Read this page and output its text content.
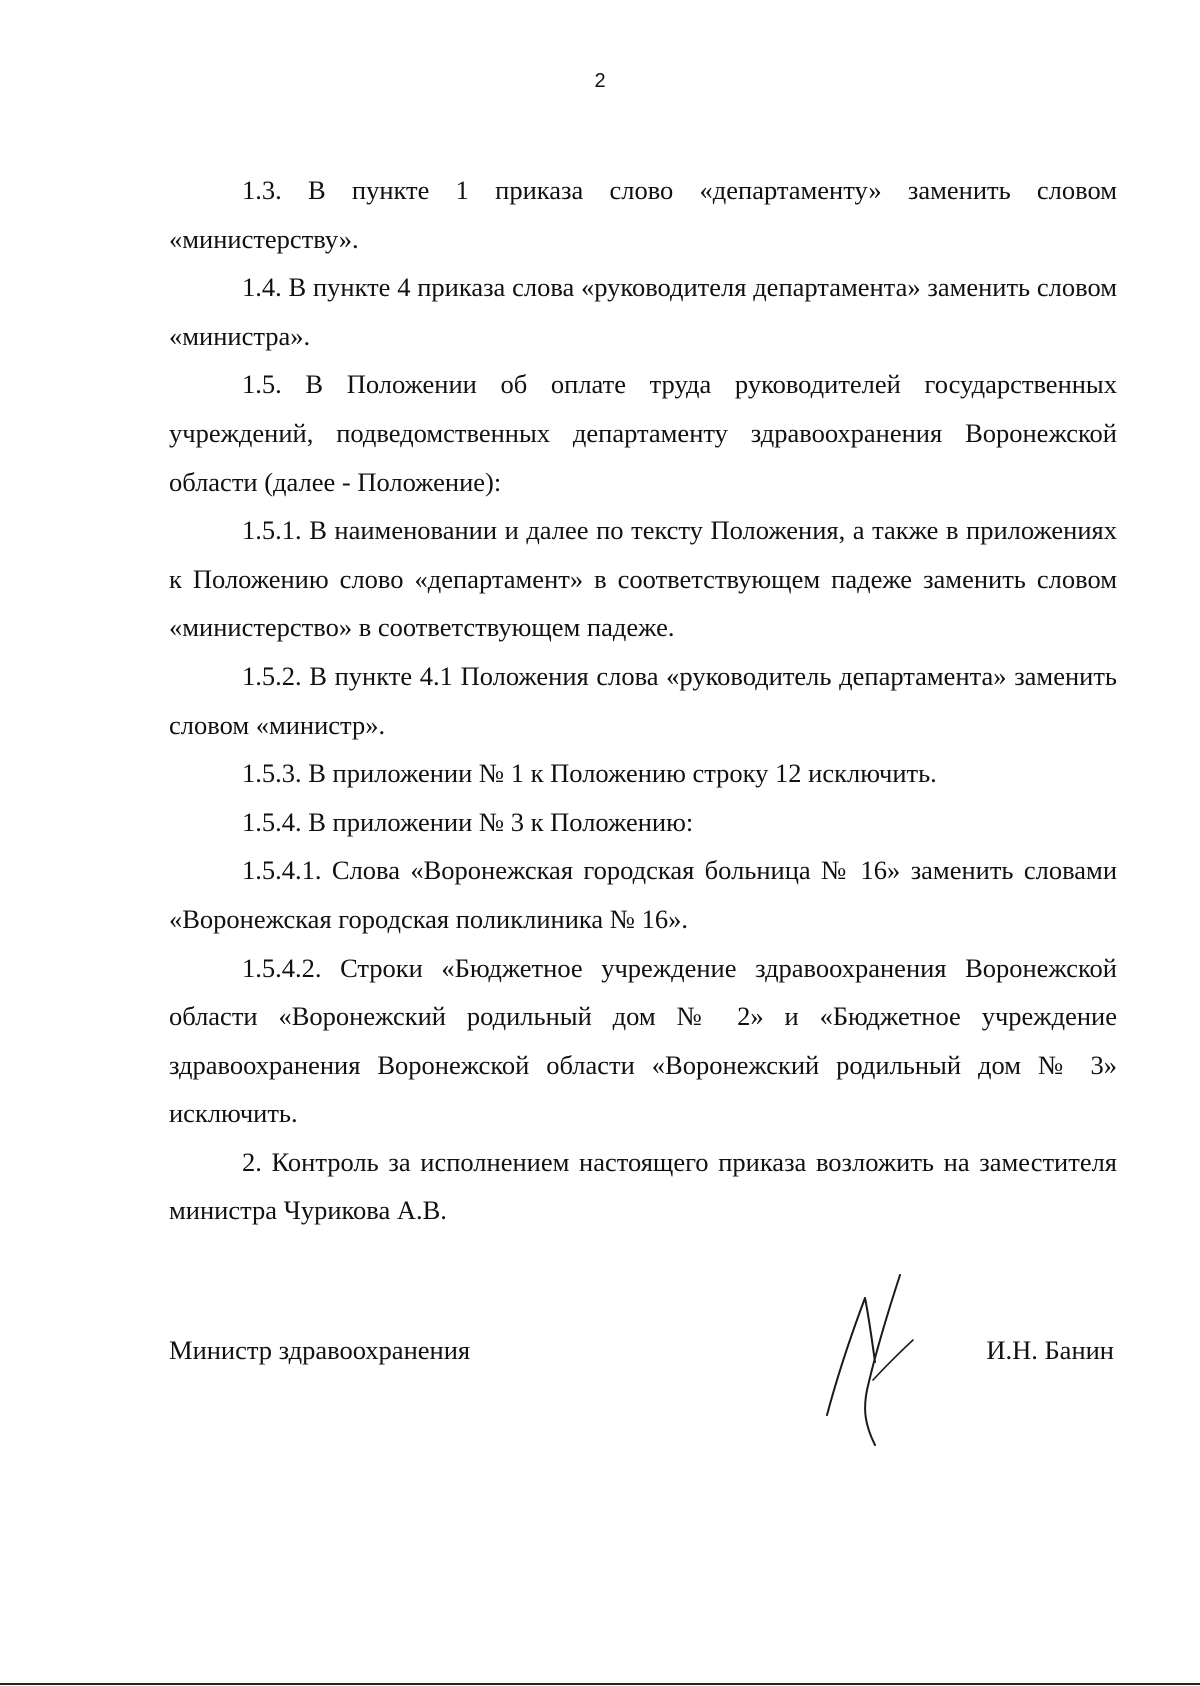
2

1.3. В пункте 1 приказа слово «департаменту» заменить словом «министерству».

1.4. В пункте 4 приказа слова «руководителя департамента» заменить словом «министра».

1.5. В Положении об оплате труда руководителей государственных учреждений, подведомственных департаменту здравоохранения Воронежской области (далее - Положение):

1.5.1. В наименовании и далее по тексту Положения, а также в приложениях к Положению слово «департамент» в соответствующем падеже заменить словом «министерство» в соответствующем падеже.

1.5.2. В пункте 4.1 Положения слова «руководитель департамента» заменить словом «министр».

1.5.3. В приложении № 1 к Положению строку 12 исключить.

1.5.4. В приложении № 3 к Положению:

1.5.4.1. Слова «Воронежская городская больница № 16» заменить словами «Воронежская городская поликлиника № 16».

1.5.4.2. Строки «Бюджетное учреждение здравоохранения Воронежской области «Воронежский родильный дом № 2» и «Бюджетное учреждение здравоохранения Воронежской области «Воронежский родильный дом № 3» исключить.

2. Контроль за исполнением настоящего приказа возложить на заместителя министра Чурикова А.В.

Министр здравоохранения	И.Н. Банин
